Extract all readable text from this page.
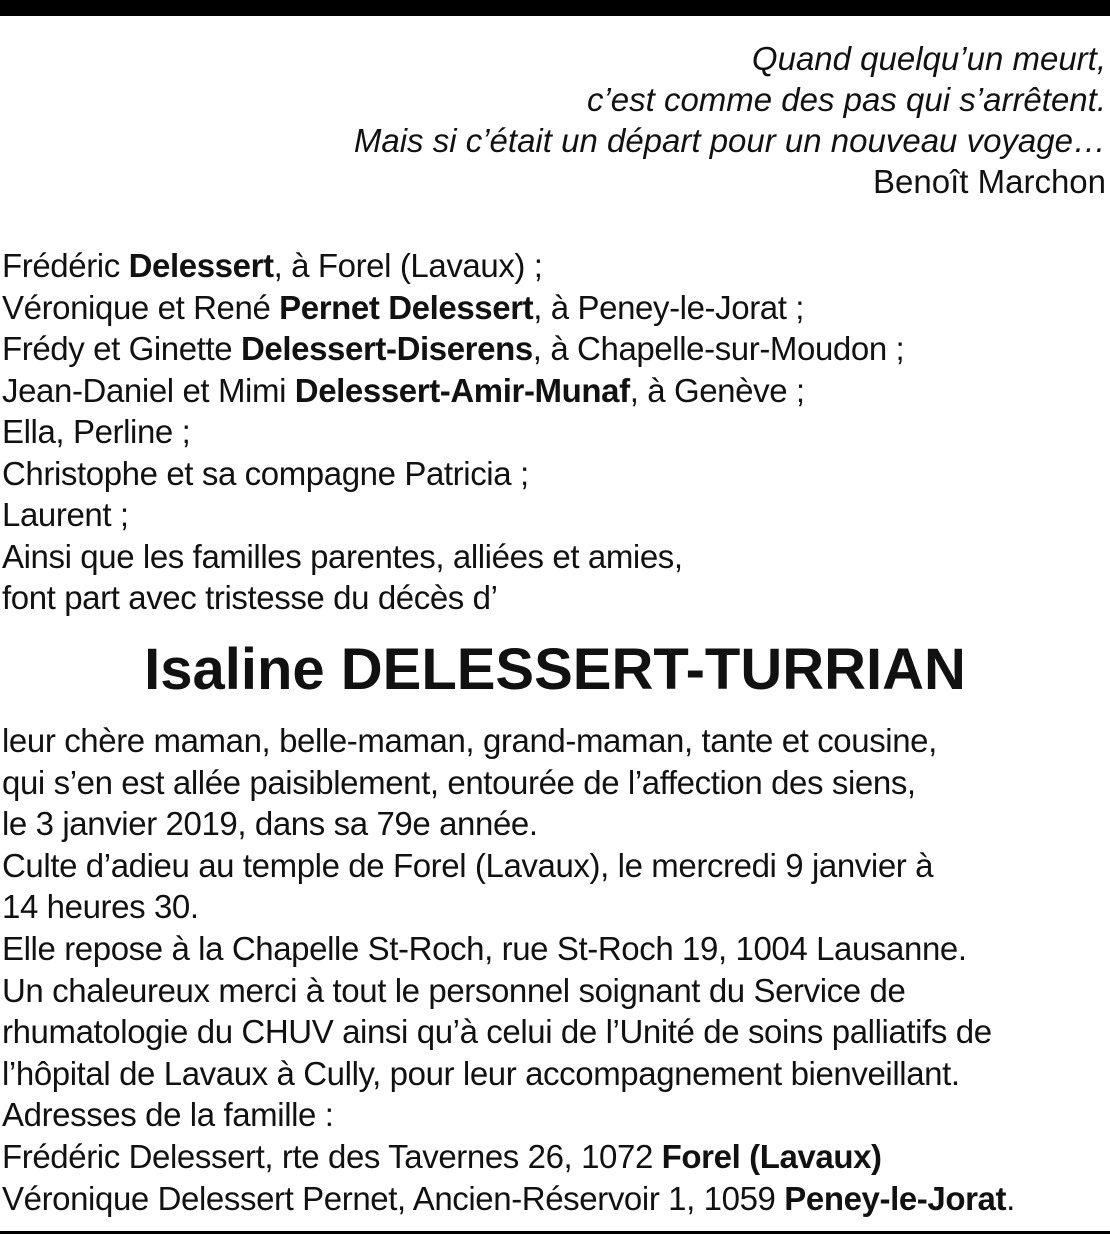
Quand quelqu’un meurt,
c’est comme des pas qui s’arrêtent.
Mais si c’était un départ pour un nouveau voyage…
Benoît Marchon
Frédéric Delessert, à Forel (Lavaux) ;
Véronique et René Pernet Delessert, à Peney-le-Jorat ;
Frédy et Ginette Delessert-Diserens, à Chapelle-sur-Moudon ;
Jean-Daniel et Mimi Delessert-Amir-Munaf, à Genève ;
Ella, Perline ;
Christophe et sa compagne Patricia ;
Laurent ;
Ainsi que les familles parentes, alliées et amies,
font part avec tristesse du décès d’
Isaline DELESSERT-TURRIAN
leur chère maman, belle-maman, grand-maman, tante et cousine,
qui s’en est allée paisiblement, entourée de l’affection des siens,
le 3 janvier 2019, dans sa 79e année.
Culte d’adieu au temple de Forel (Lavaux), le mercredi 9 janvier à
14 heures 30.
Elle repose à la Chapelle St-Roch, rue St-Roch 19, 1004 Lausanne.
Un chaleureux merci à tout le personnel soignant du Service de
rhumatologie du CHUV ainsi qu’à celui de l’Unité de soins palliatifs de
l’hôpital de Lavaux à Cully, pour leur accompagnement bienveillant.
Adresses de la famille :
Frédéric Delessert, rte des Tavernes 26, 1072 Forel (Lavaux)
Véronique Delessert Pernet, Ancien-Réservoir 1, 1059 Peney-le-Jorat.
